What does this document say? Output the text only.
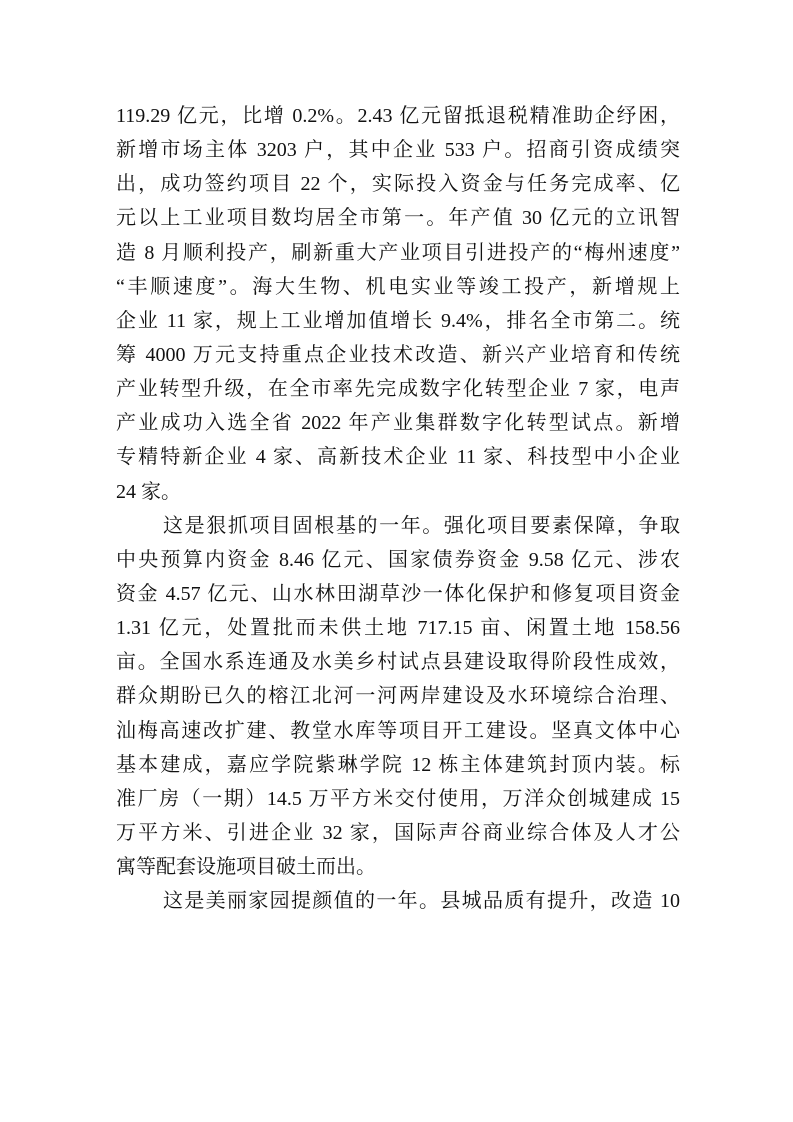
119.29 亿元，比增 0.2%。2.43 亿元留抵退税精准助企纾困，
新增市场主体 3203 户，其中企业 533 户。招商引资成绩突
出，成功签约项目 22 个，实际投入资金与任务完成率、亿
元以上工业项目数均居全市第一。年产值 30 亿元的立讯智
造 8 月顺利投产，刷新重大产业项目引进投产的“梅州速度”
“丰顺速度”。海大生物、机电实业等竣工投产，新增规上
企业 11 家，规上工业增加值增长 9.4%，排名全市第二。统
筹 4000 万元支持重点企业技术改造、新兴产业培育和传统
产业转型升级，在全市率先完成数字化转型企业 7 家，电声
产业成功入选全省 2022 年产业集群数字化转型试点。新增
专精特新企业 4 家、高新技术企业 11 家、科技型中小企业
24 家。
这是狠抓项目固根基的一年。强化项目要素保障，争取
中央预算内资金 8.46 亿元、国家债券资金 9.58 亿元、涉农
资金 4.57 亿元、山水林田湖草沙一体化保护和修复项目资金
1.31 亿元，处置批而未供土地 717.15 亩、闲置土地 158.56
亩。全国水系连通及水美乡村试点县建设取得阶段性成效，
群众期盼已久的榕江北河一河两岸建设及水环境综合治理、
汕梅高速改扩建、教堂水库等项目开工建设。坚真文体中心
基本建成，嘉应学院紫琳学院 12 栋主体建筑封顶内装。标
准厂房（一期）14.5 万平方米交付使用，万洋众创城建成 15
万平方米、引进企业 32 家，国际声谷商业综合体及人才公
寓等配套设施项目破土而出。
这是美丽家园提颜值的一年。县城品质有提升，改造 10
